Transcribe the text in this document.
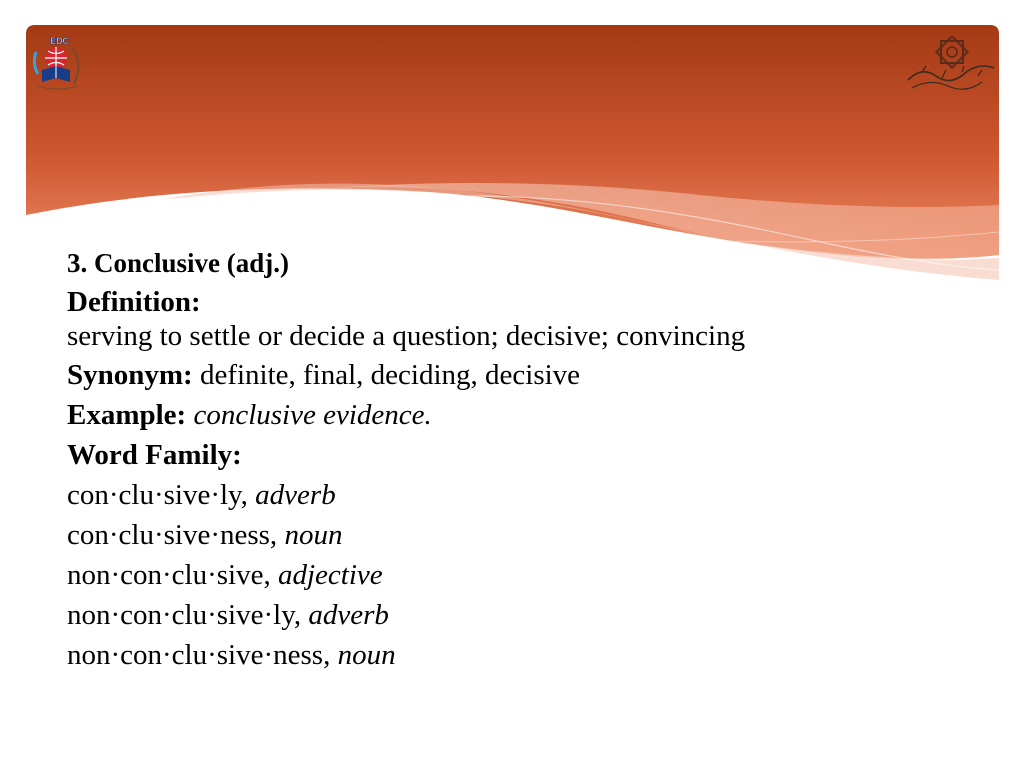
EDC

3. Conclusive (adj.)

Definition:

serving to settle or decide a question; decisive; convincing

Synonym: definite, final, deciding, decisive

Example: conclusive evidence.

Word Family:

con·clu·sive·ly, adverb

con·clu·sive·ness, noun

non·con·clu·sive, adjective

non·con·clu·sive·ly, adverb

non·con·clu·sive·ness, noun
